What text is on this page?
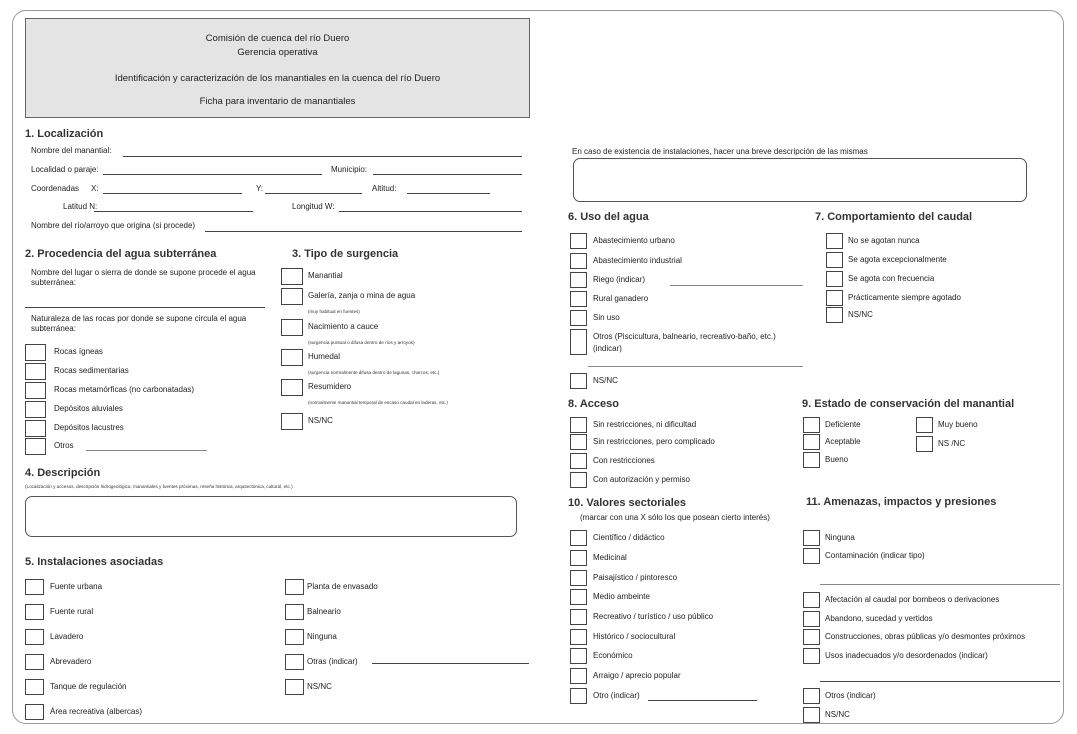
Comisión de cuenca del río Duero
Gerencia operativa
Identificación y caracterización de los manantiales en la cuenca del río Duero
Ficha para inventario de manantiales
1. Localización
Nombre del manantial:
Localidad o paraje:	Municipio:
Coordenadas X:	Y:	Altitud:
Latitud N:	Longitud W:
Nombre del río/arroyo que origina (si procede)
2. Procedencia del agua subterránea
Nombre del lugar o sierra de donde se supone procede el agua
subterránea:
Naturaleza de las rocas por donde se supone circula el agua
subterránea:
3. Tipo de surgencia
4. Descripción
(Localización y accesos, descripción hidrogeológica, manantiales y fuentes próximas, reseña histórica, arquitectónica, cultural, etc.)
5. Instalaciones asociadas
En caso de existencia de instalaciones, hacer una breve descripción de las mismas
6. Uso del agua
(indicar)
7. Comportamiento del caudal
8. Acceso	9. Estado de conservación del manantial
10. Valores sectoriales
(marcar con una X sólo los que posean cierto interés)
11. Amenazas, impactos y presiones
Rocas ígneas
Rocas sedimentarias
Rocas metamórficas (no carbonatadas)
Depósitos aluviales
Depósitos lacustres
Otros
Manantial
Galería, zanja o mina de agua
(muy habitual en fuentes)
Nacimiento a cauce
(surgencia puntual o difusa dentro de ríos y arroyos)
Humedal
(surgencia normalmente difusa dentro de lagunas, charcos, etc.)
Resumidero
(normalmente manantial temporal de escaso caudal en laderas, etc.)
NS/NC
Fuente urbana
Fuente rural
Lavadero
Abrevadero
Tanque de regulación
Área recreativa (albercas)
Planta de envasado
Balneario
Ninguna
Otras (indicar)
NS/NC
Abastecimiento urbano
Abastecimiento industrial
Riego (indicar)
Rural ganadero
Sin uso
Otros (Piscicultura, balneario, recreativo-baño, etc.)
NS/NC
No se agotan nunca
Se agota excepcionalmente
Se agota con frecuencia
Prácticamente siempre agotado
NS/NC
Sin restricciones, ni dificultad
Sin restricciones, pero complicado
Con restricciones
Con autorización y permiso
Deficiente
Aceptable
Bueno
Muy bueno
NS /NC
Científico / didáctico
Medicinal
Paisajístico / pintoresco
Medio ambeinte
Recreativo / turístico / uso público
Histórico / sociocultural
Económico
Arraigo / aprecio popular
Otro (indicar)
Ninguna
Contaminación (indicar tipo)
Afectación al caudal por bombeos o derivaciones
Abandono, sucedad y vertidos
Construcciones, obras públicas y/o desmontes próximos
Usos inadecuados y/o desordenados (indicar)
Otros (indicar)
NS/NC
